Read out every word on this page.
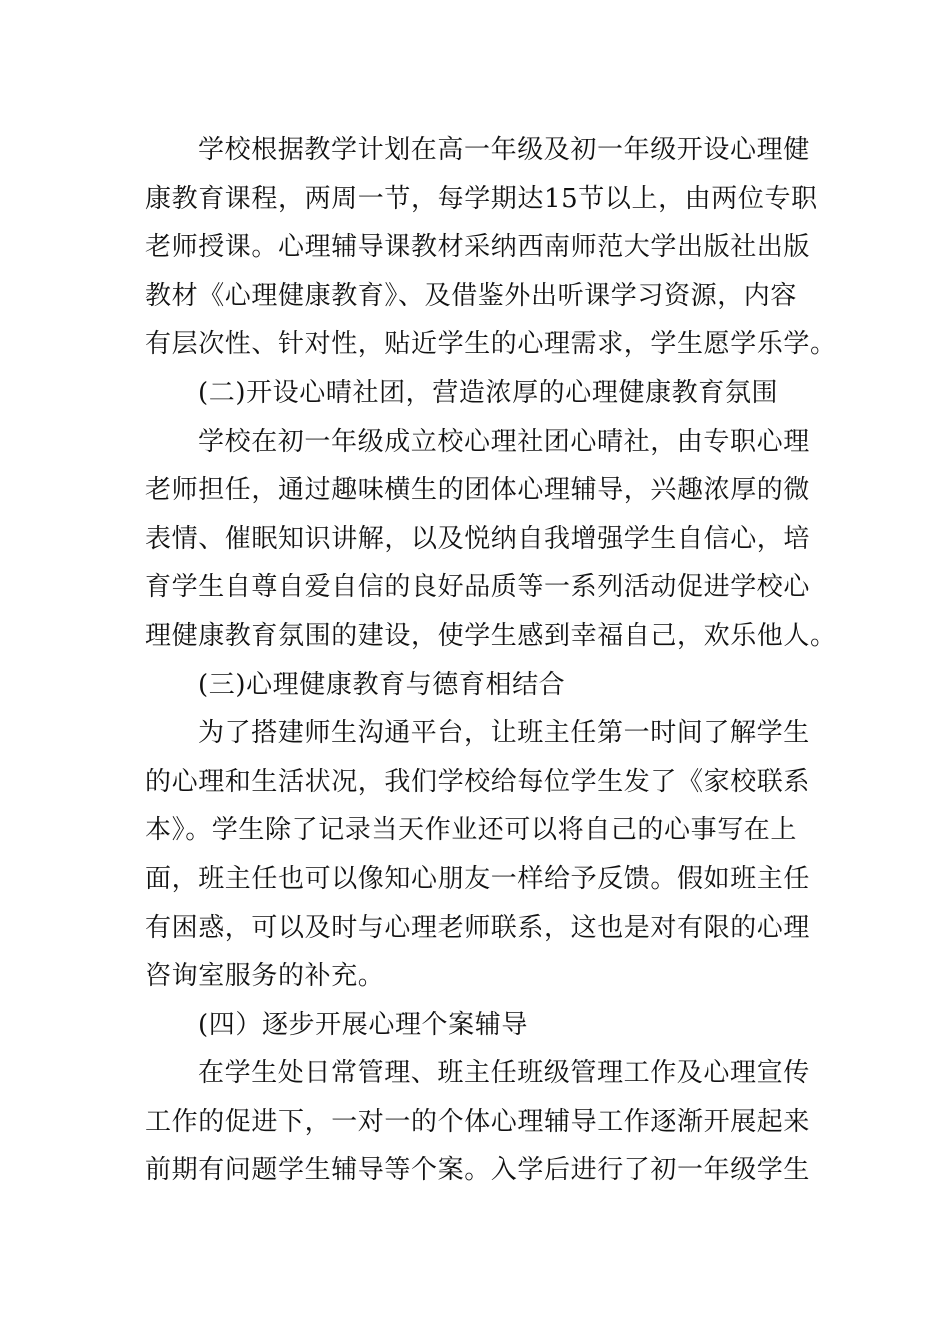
学校根据教学计划在高一年级及初一年级开设心理健
康教育课程，两周一节，每学期达15节以上，由两位专职
老师授课。心理辅导课教材采纳西南师范大学出版社出版
教材《心理健康教育》、及借鉴外出听课学习资源，内容
有层次性、针对性，贴近学生的心理需求，学生愿学乐学。
(二)开设心晴社团，营造浓厚的心理健康教育氛围
学校在初一年级成立校心理社团心晴社，由专职心理
老师担任，通过趣味横生的团体心理辅导，兴趣浓厚的微
表情、催眠知识讲解，以及悦纳自我增强学生自信心，培
育学生自尊自爱自信的良好品质等一系列活动促进学校心
理健康教育氛围的建设，使学生感到幸福自己，欢乐他人。
(三)心理健康教育与德育相结合
为了搭建师生沟通平台，让班主任第一时间了解学生
的心理和生活状况，我们学校给每位学生发了《家校联系
本》。学生除了记录当天作业还可以将自己的心事写在上
面，班主任也可以像知心朋友一样给予反馈。假如班主任
有困惑，可以及时与心理老师联系，这也是对有限的心理
咨询室服务的补充。
(四）逐步开展心理个案辅导
在学生处日常管理、班主任班级管理工作及心理宣传
工作的促进下，一对一的个体心理辅导工作逐渐开展起来
前期有问题学生辅导等个案。入学后进行了初一年级学生
